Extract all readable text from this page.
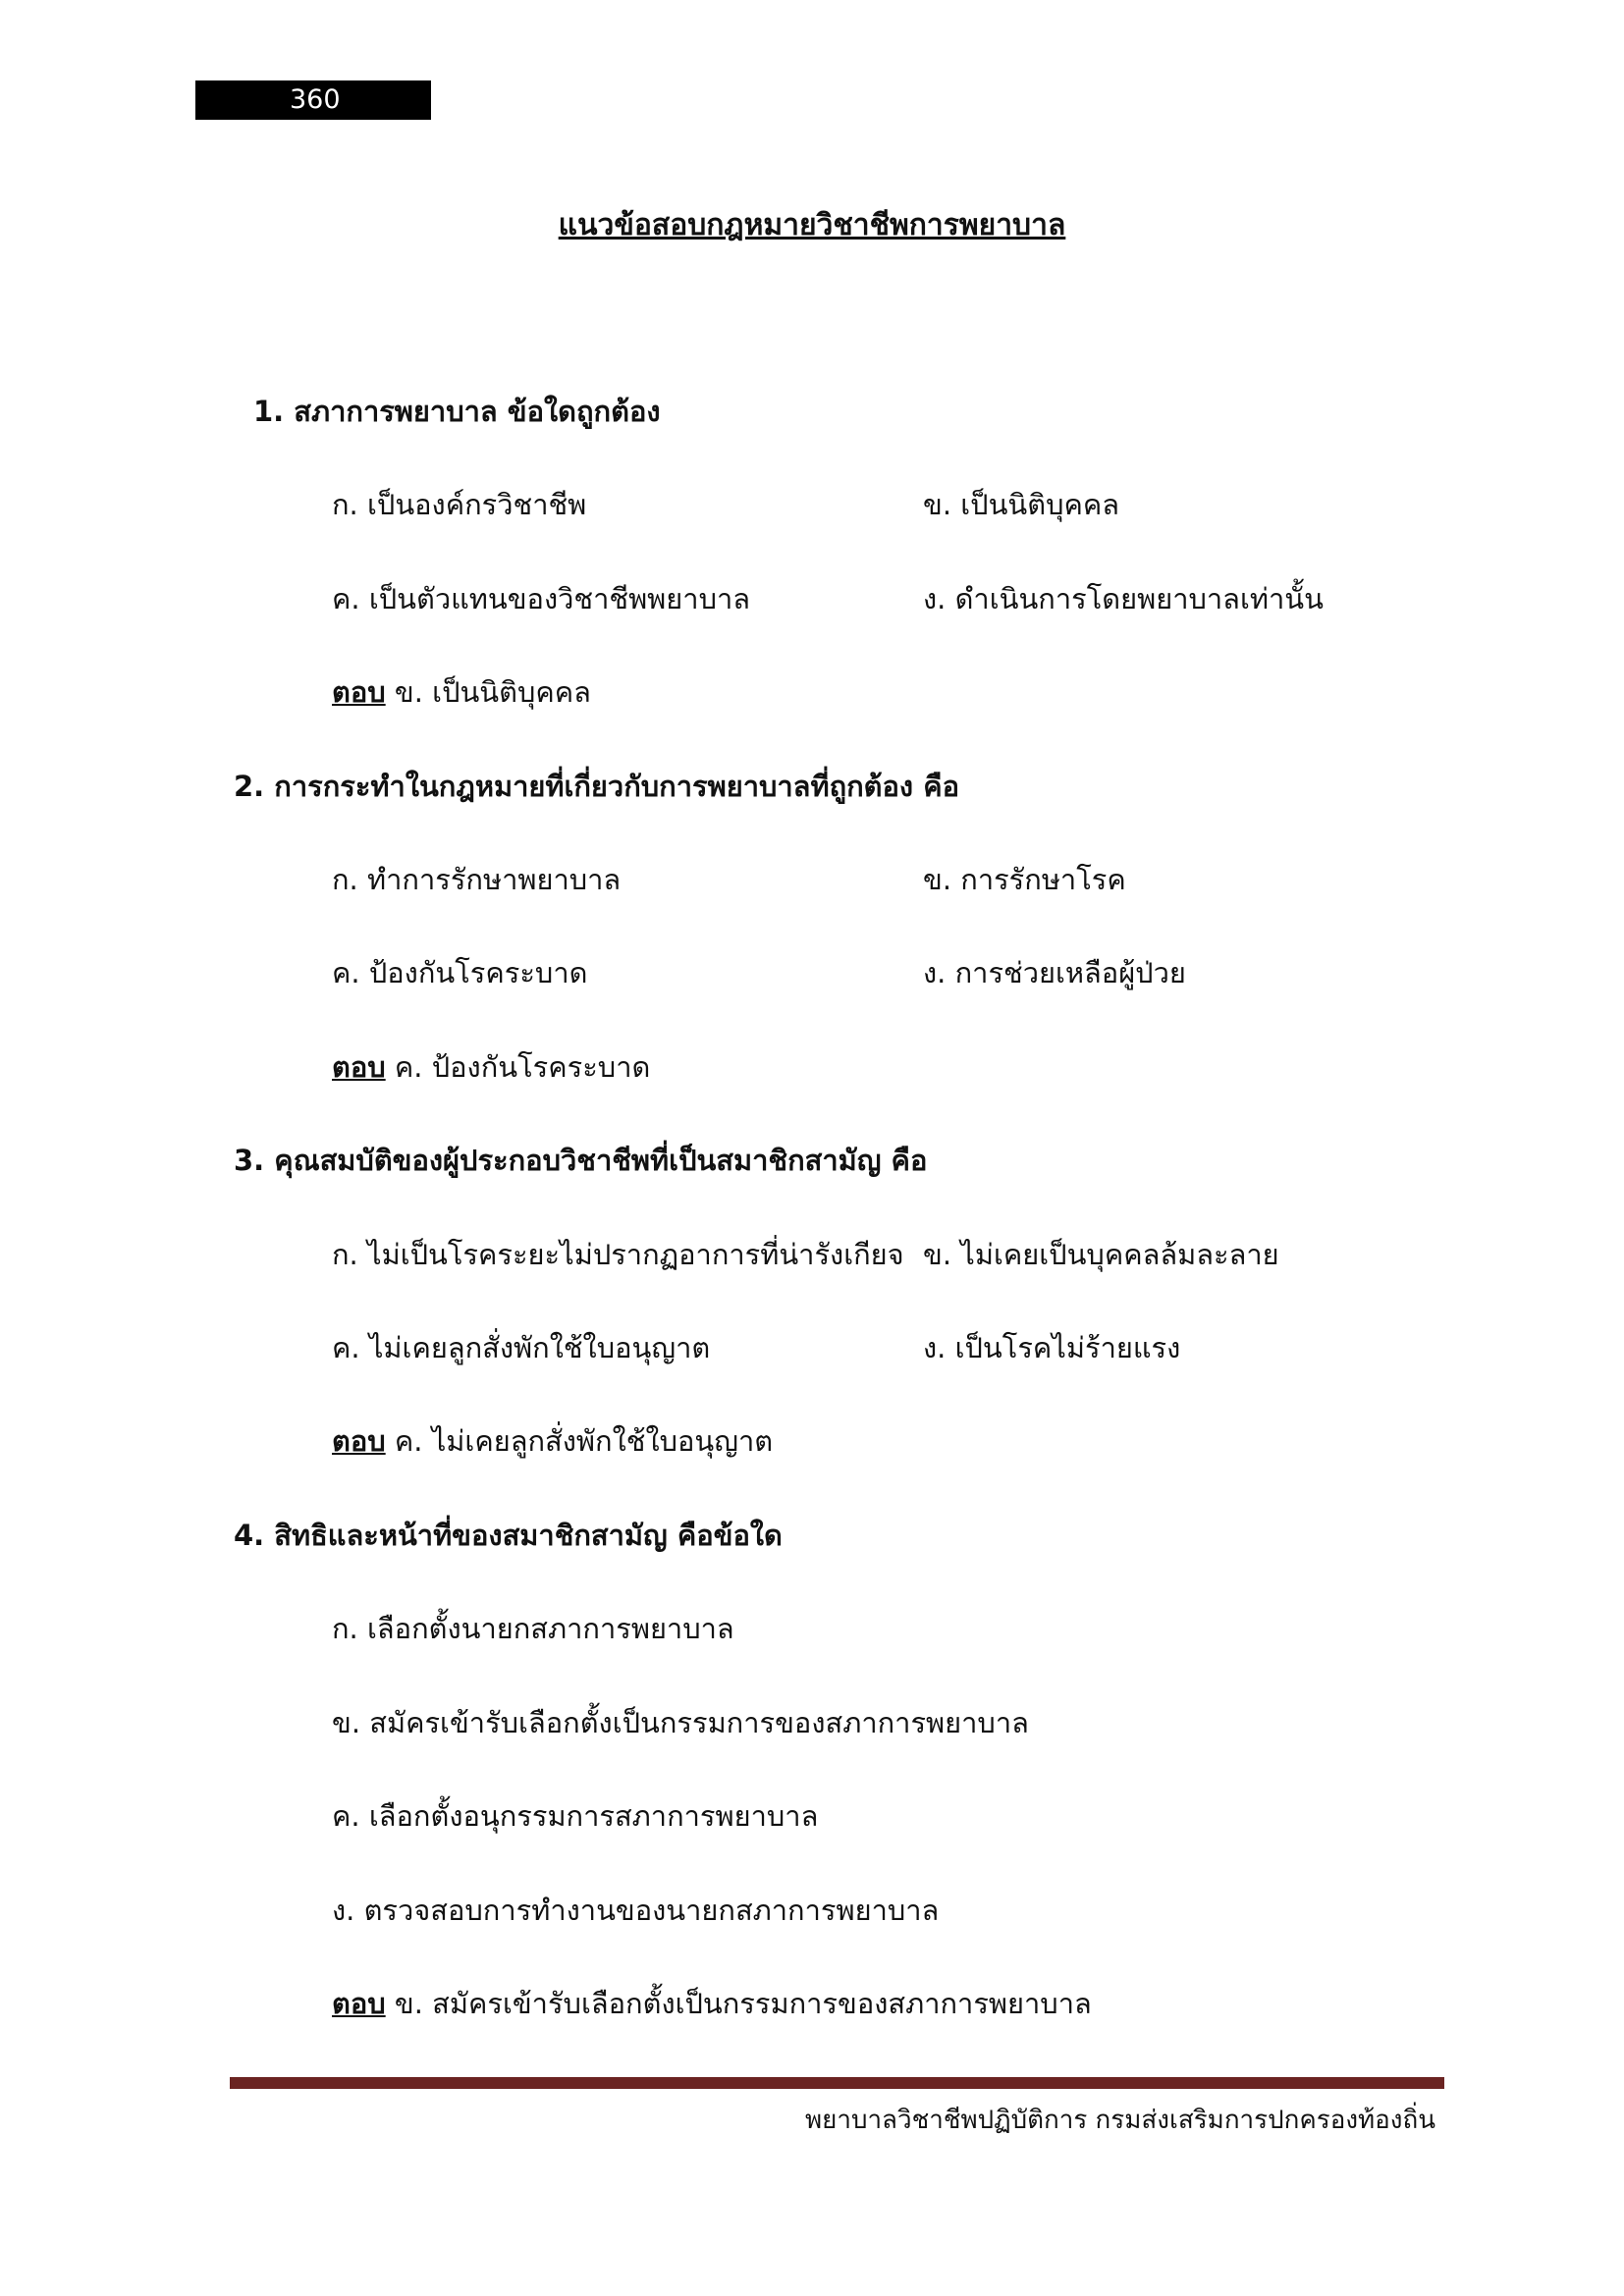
360
แนวข้อสอบกฎหมายวิชาชีพการพยาบาล
1. สภาการพยาบาล ข้อใดถูกต้อง
ก. เป็นองค์กรวิชาชีพ	ข. เป็นนิติบุคคล
ค. เป็นตัวแทนของวิชาชีพพยาบาล	ง. ดำเนินการโดยพยาบาลเท่านั้น
ตอบ ข. เป็นนิติบุคคล
2. การกระทำในกฎหมายที่เกี่ยวกับการพยาบาลที่ถูกต้อง คือ
ก. ทำการรักษาพยาบาล	ข. การรักษาโรค
ค. ป้องกันโรคระบาด	ง. การช่วยเหลือผู้ป่วย
ตอบ ค. ป้องกันโรคระบาด
3. คุณสมบัติของผู้ประกอบวิชาชีพที่เป็นสมาชิกสามัญ คือ
ก. ไม่เป็นโรคระยะไม่ปรากฏอาการที่น่ารังเกียจ ข. ไม่เคยเป็นบุคคลล้มละลาย
ค. ไม่เคยลูกสั่งพักใช้ใบอนุญาต	ง. เป็นโรคไม่ร้ายแรง
ตอบ ค. ไม่เคยลูกสั่งพักใช้ใบอนุญาต
4. สิทธิและหน้าที่ของสมาชิกสามัญ คือข้อใด
ก. เลือกตั้งนายกสภาการพยาบาล
ข. สมัครเข้ารับเลือกตั้งเป็นกรรมการของสภาการพยาบาล
ค. เลือกตั้งอนุกรรมการสภาการพยาบาล
ง. ตรวจสอบการทำงานของนายกสภาการพยาบาล
ตอบ ข. สมัครเข้ารับเลือกตั้งเป็นกรรมการของสภาการพยาบาล
พยาบาลวิชาชีพปฏิบัติการ กรมส่งเสริมการปกครองท้องถิ่น
